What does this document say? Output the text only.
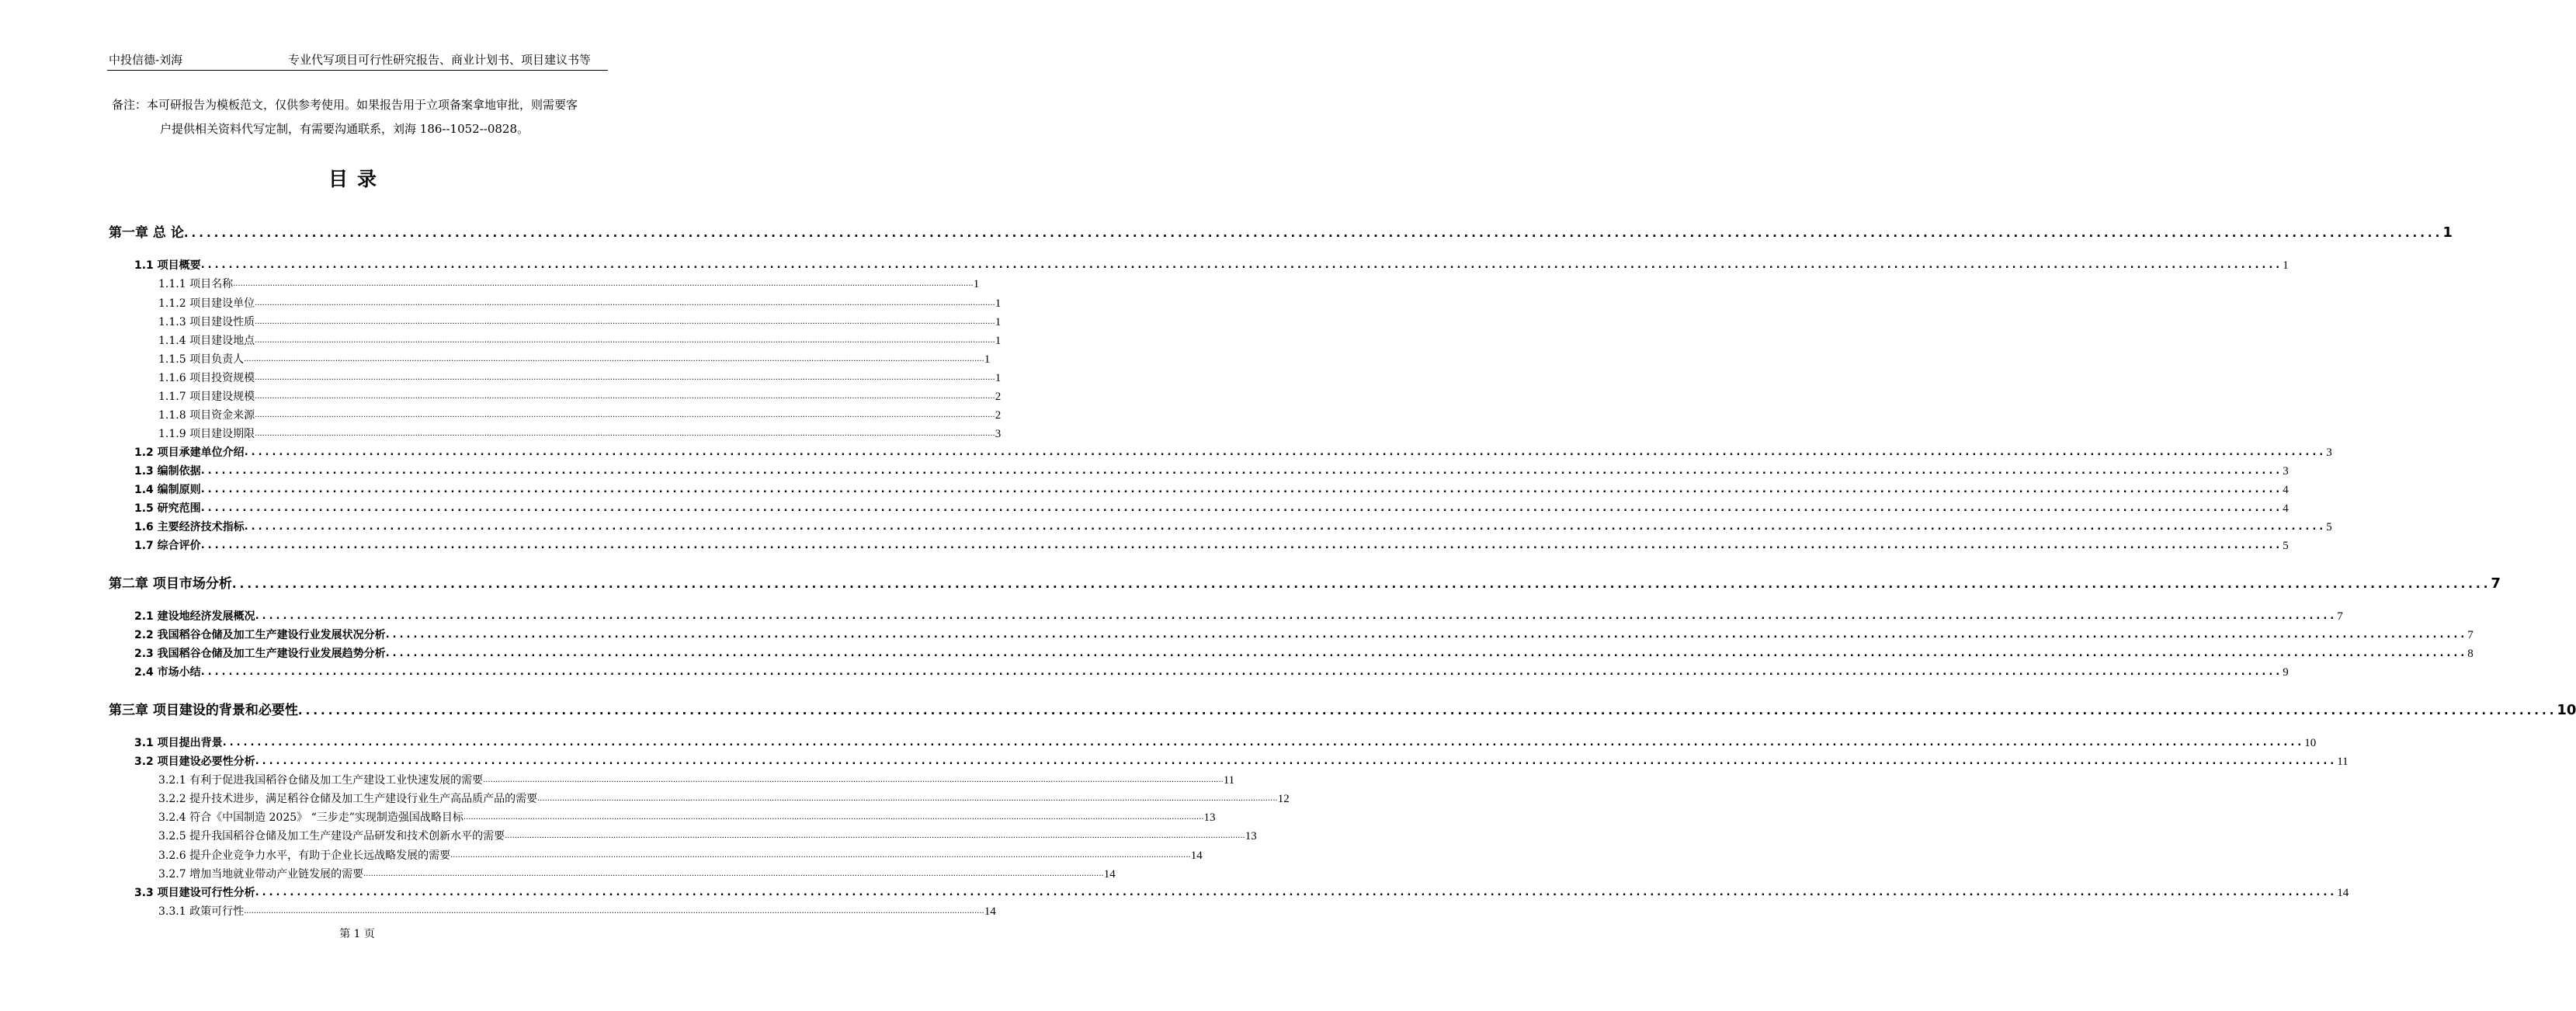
中投信德-刘海	专业代写项目可行性研究报告、商业计划书、项目建议书等

备注：本可研报告为模板范文，仅供参考使用。如果报告用于立项备案拿地审批，则需要客

户提供相关资料代写定制，有需要沟通联系，刘海 186--1052--0828。

目录
第一章 总 论 ............................................................................................................................................................................................................................................................................................................ 1
1.1 项目概要 ............................................................................................................................................................................................................................................................................................................ 1
1.1.1 项目名称 ............................................................................................................................................................................................................................................................................................................ 1
1.1.2 项目建设单位 ............................................................................................................................................................................................................................................................................................................ 1
1.1.3 项目建设性质 ............................................................................................................................................................................................................................................................................................................ 1
1.1.4 项目建设地点 ............................................................................................................................................................................................................................................................................................................ 1
1.1.5 项目负责人 ............................................................................................................................................................................................................................................................................................................ 1
1.1.6 项目投资规模 ............................................................................................................................................................................................................................................................................................................ 1
1.1.7 项目建设规模 ............................................................................................................................................................................................................................................................................................................ 2
1.1.8 项目资金来源 ............................................................................................................................................................................................................................................................................................................ 2
1.1.9 项目建设期限 ............................................................................................................................................................................................................................................................................................................ 3
1.2 项目承建单位介绍 ............................................................................................................................................................................................................................................................................................................ 3
1.3 编制依据 ............................................................................................................................................................................................................................................................................................................ 3
1.4 编制原则 ............................................................................................................................................................................................................................................................................................................ 4
1.5 研究范围 ............................................................................................................................................................................................................................................................................................................ 4
1.6 主要经济技术指标 ............................................................................................................................................................................................................................................................................................................ 5
1.7 综合评价 ............................................................................................................................................................................................................................................................................................................ 5
第二章 项目市场分析 ............................................................................................................................................................................................................................................................................................................ 7
2.1 建设地经济发展概况 ............................................................................................................................................................................................................................................................................................................ 7
2.2 我国稻谷仓储及加工生产建设行业发展状况分析 ............................................................................................................................................................................................................................................................................................................ 7
2.3 我国稻谷仓储及加工生产建设行业发展趋势分析 ............................................................................................................................................................................................................................................................................................................ 8
2.4 市场小结 ............................................................................................................................................................................................................................................................................................................ 9
第三章 项目建设的背景和必要性 ............................................................................................................................................................................................................................................................................................................ 10
3.1 项目提出背景 ............................................................................................................................................................................................................................................................................................................ 10
3.2 项目建设必要性分析 ............................................................................................................................................................................................................................................................................................................ 11
3.2.1 有利于促进我国稻谷仓储及加工生产建设工业快速发展的需要 ............................................................................................................................................................................................................................................................................................................ 11
3.2.2 提升技术进步，满足稻谷仓储及加工生产建设行业生产高品质产品的需要 ............................................................................................................................................................................................................................................................................................................ 12
3.2.4 符合《中国制造 2025》 “三步走”实现制造强国战略目标 ............................................................................................................................................................................................................................................................................................................ 13
3.2.5 提升我国稻谷仓储及加工生产建设产品研发和技术创新水平的需要 ............................................................................................................................................................................................................................................................................................................ 13
3.2.6 提升企业竞争力水平，有助于企业长远战略发展的需要 ............................................................................................................................................................................................................................................................................................................ 14
3.2.7 增加当地就业带动产业链发展的需要 ............................................................................................................................................................................................................................................................................................................ 14
3.3 项目建设可行性分析 ............................................................................................................................................................................................................................................................................................................ 14
3.3.1 政策可行性 ............................................................................................................................................................................................................................................................................................................ 14
第 1 页
